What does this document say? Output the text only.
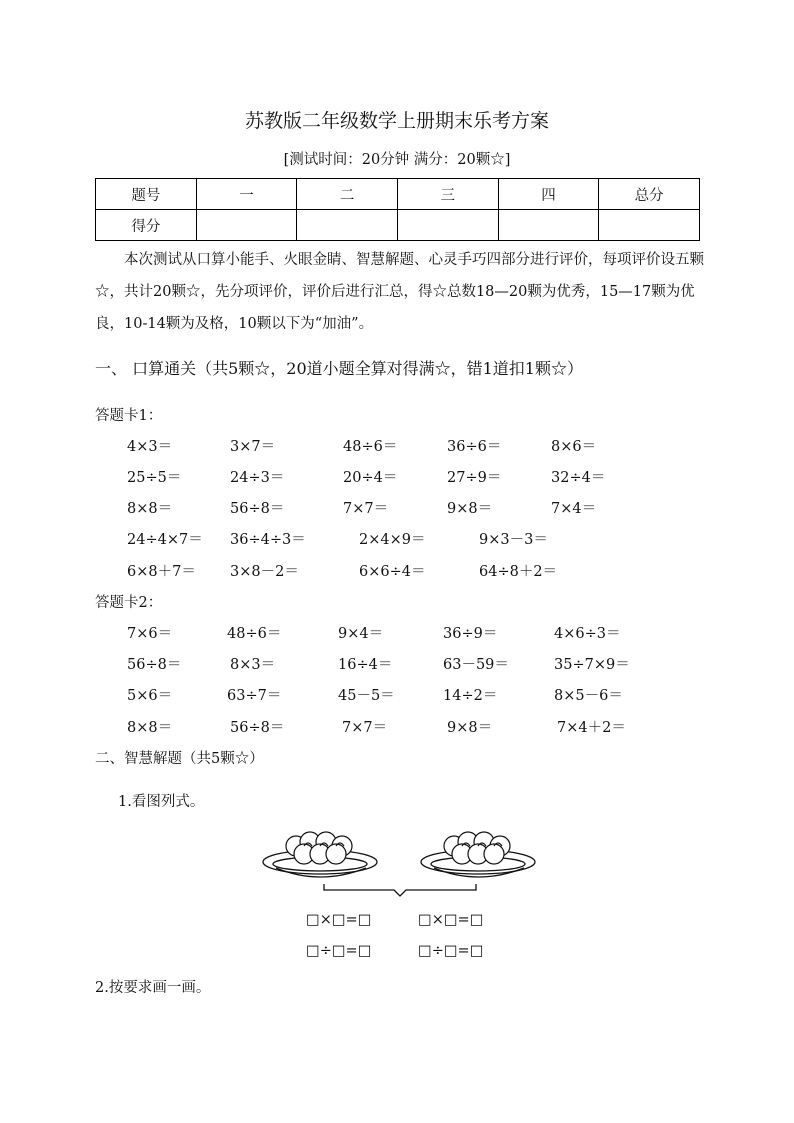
苏教版二年级数学上册期末乐考方案
[测试时间：20分钟 满分：20颗☆]
题号	一	二	三	四	总分
得分					
本次测试从口算小能手、火眼金睛、智慧解题、心灵手巧四部分进行评价，每项评价设五颗☆，共计20颗☆，先分项评价，评价后进行汇总，得☆总数18—20颗为优秀，15—17颗为优良，10-14颗为及格，10颗以下为“加油”。
一、 口算通关（共5颗☆，20道小题全算对得满☆，错1道扣1颗☆）
答题卡1：
4×3＝	3×7＝	48÷6＝	36÷6＝	8×6＝
25÷5＝	24÷3＝	20÷4＝	27÷9＝	32÷4＝
8×8＝	56÷8＝	7×7＝	9×8＝	7×4＝
24÷4×7＝ 36÷4÷3＝	2×4×9＝	9×3－3＝
6×8＋7＝ 3×8－2＝	6×6÷4＝	64÷8＋2＝
答题卡2：
7×6＝	48÷6＝	9×4＝	36÷9＝	4×6÷3＝
56÷8＝	8×3＝	16÷4＝	63－59＝	35÷7×9＝
5×6＝	63÷7＝	45－5＝	14÷2＝	8×5－6＝
8×8＝	56÷8＝	7×7＝	9×8＝	7×4＋2＝
二、智慧解题（共5颗☆）
1.看图列式。
□×□=□	□×□=□
□÷□=□	□÷□=□
2.按要求画一画。
